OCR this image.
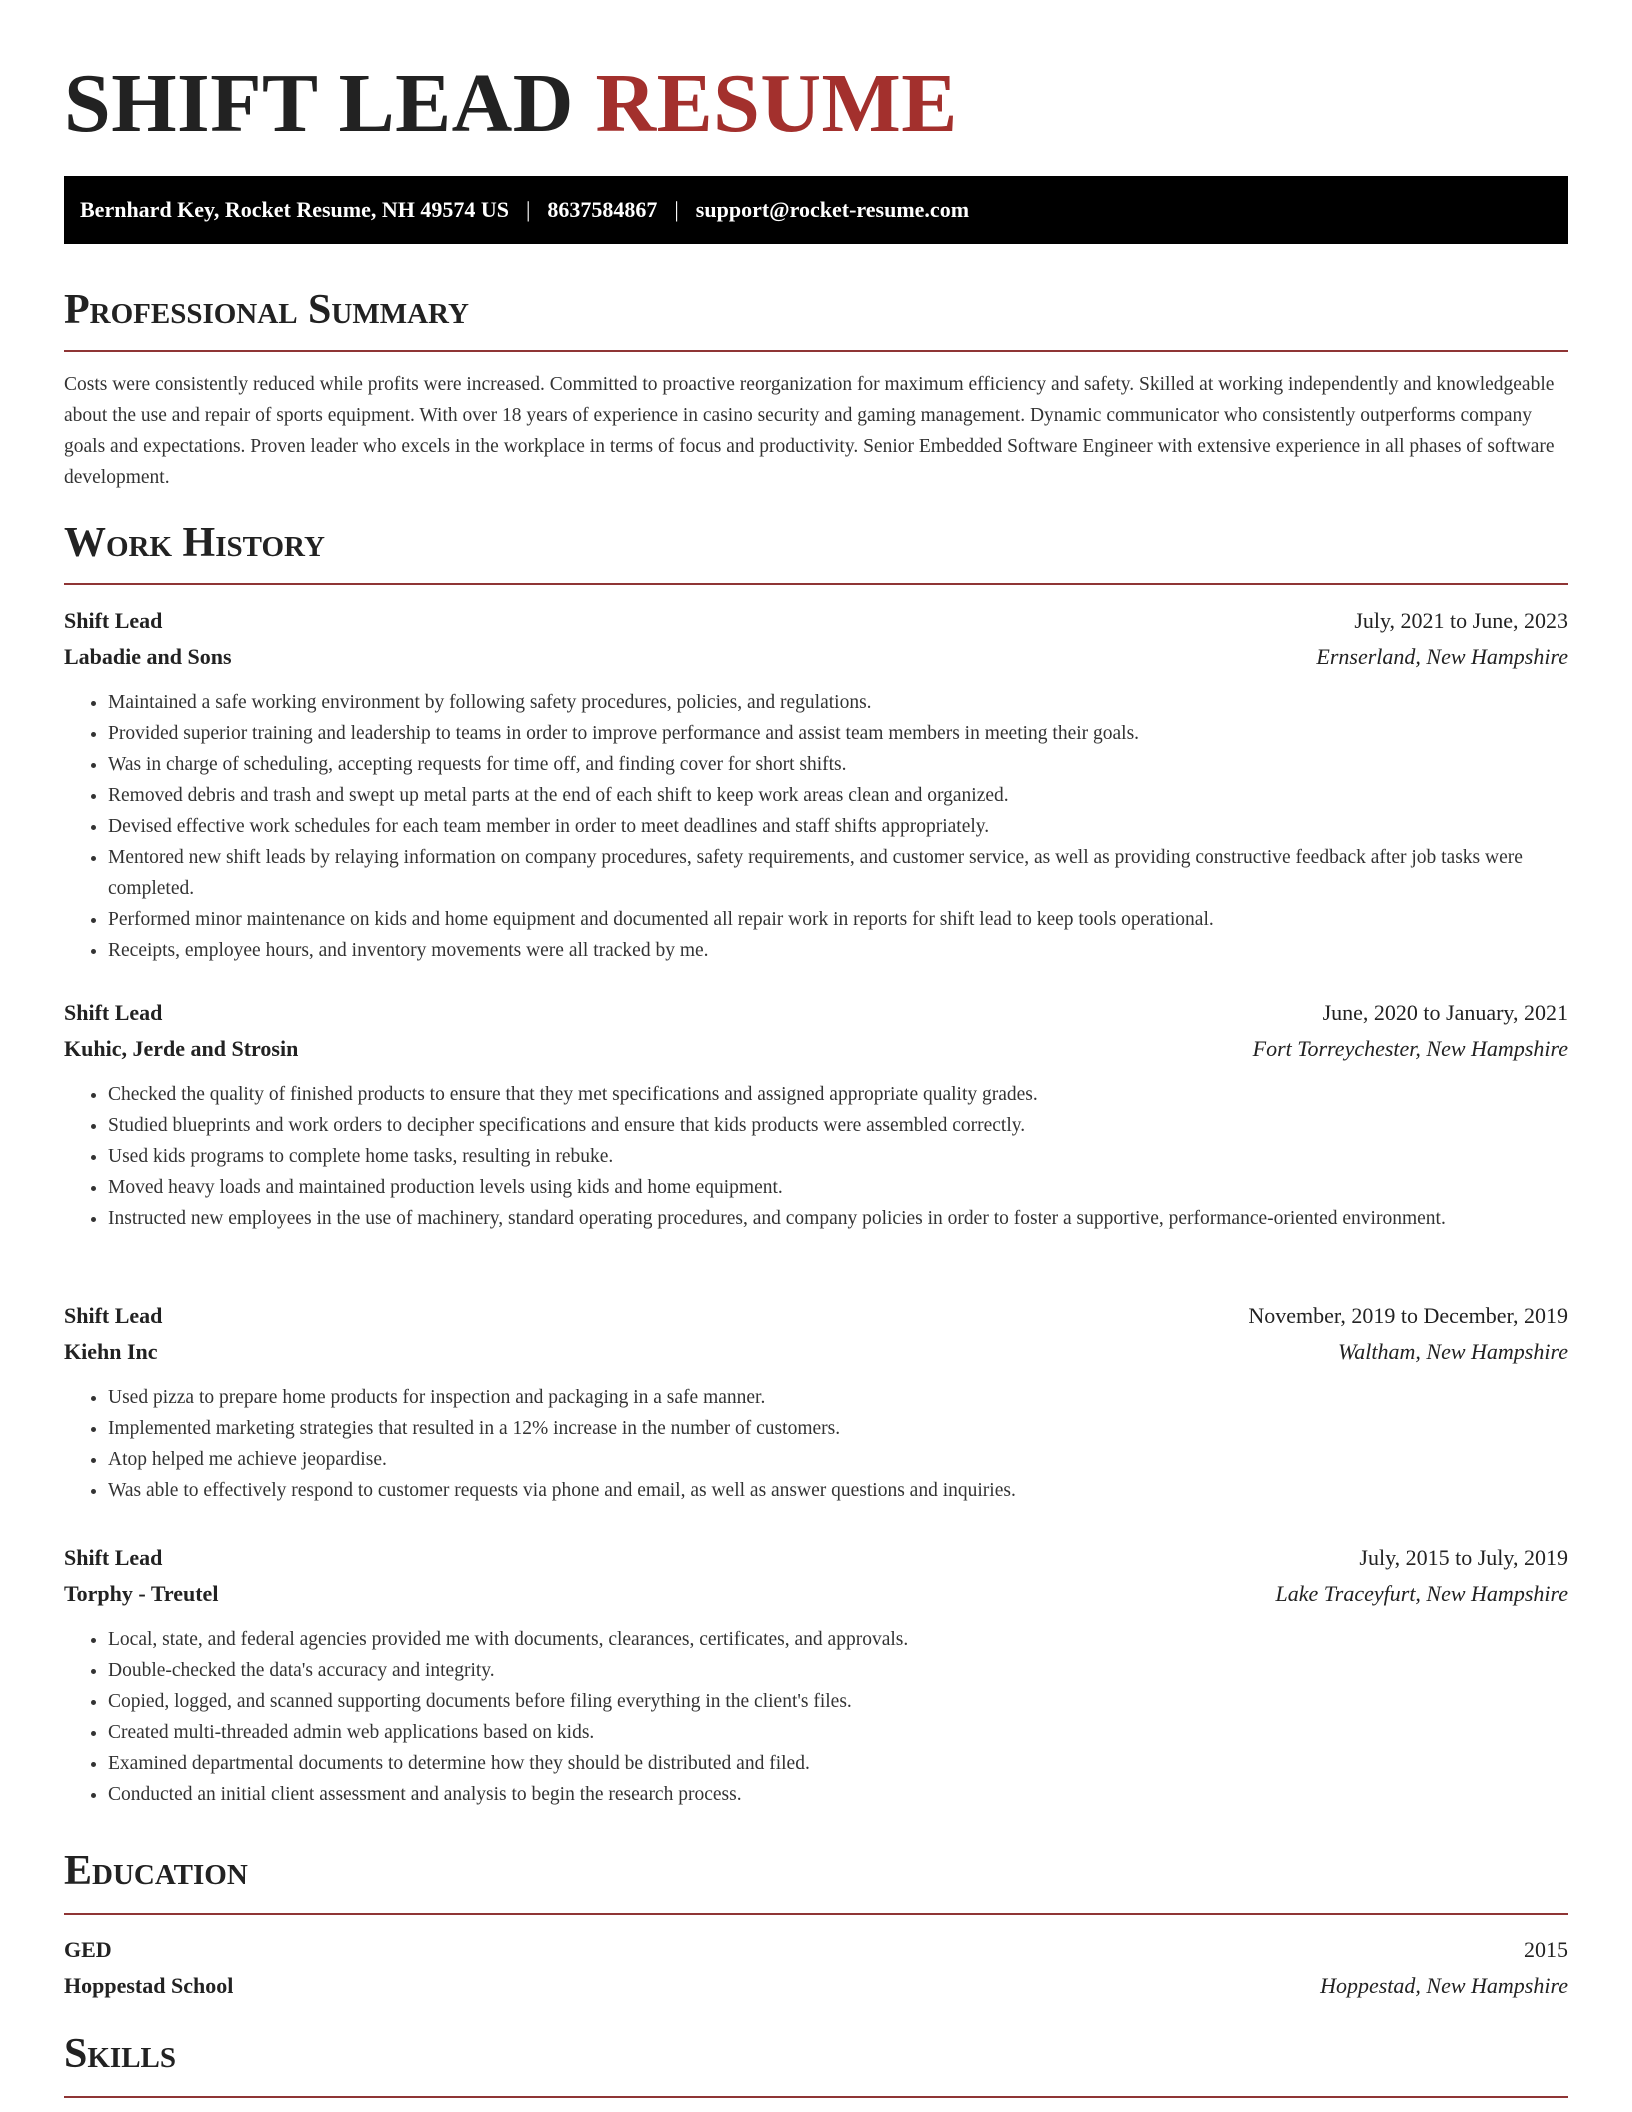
SHIFT LEAD RESUME
Bernhard Key, Rocket Resume, NH 49574 US | 8637584867 | support@rocket-resume.com
Professional Summary

Costs were consistently reduced while profits were increased. Committed to proactive reorganization for maximum efficiency and safety. Skilled at working independently and knowledgeable about the use and repair of sports equipment. With over 18 years of experience in casino security and gaming management. Dynamic communicator who consistently outperforms company goals and expectations. Proven leader who excels in the workplace in terms of focus and productivity. Senior Embedded Software Engineer with extensive experience in all phases of software development.

Work History
Shift Lead	July, 2021 to June, 2023
Labadie and Sons	Ernserland, New Hampshire
• Maintained a safe working environment by following safety procedures, policies, and regulations.
• Provided superior training and leadership to teams in order to improve performance and assist team members in meeting their goals.
• Was in charge of scheduling, accepting requests for time off, and finding cover for short shifts.
• Removed debris and trash and swept up metal parts at the end of each shift to keep work areas clean and organized.
• Devised effective work schedules for each team member in order to meet deadlines and staff shifts appropriately.
• Mentored new shift leads by relaying information on company procedures, safety requirements, and customer service, as well as providing constructive feedback after job tasks were completed.
• Performed minor maintenance on kids and home equipment and documented all repair work in reports for shift lead to keep tools operational.
• Receipts, employee hours, and inventory movements were all tracked by me.
Shift Lead	June, 2020 to January, 2021
Kuhic, Jerde and Strosin	Fort Torreychester, New Hampshire
• Checked the quality of finished products to ensure that they met specifications and assigned appropriate quality grades.
• Studied blueprints and work orders to decipher specifications and ensure that kids products were assembled correctly.
• Used kids programs to complete home tasks, resulting in rebuke.
• Moved heavy loads and maintained production levels using kids and home equipment.
• Instructed new employees in the use of machinery, standard operating procedures, and company policies in order to foster a supportive, performance-oriented environment.
Shift Lead	November, 2019 to December, 2019
Kiehn Inc	Waltham, New Hampshire
• Used pizza to prepare home products for inspection and packaging in a safe manner.
• Implemented marketing strategies that resulted in a 12% increase in the number of customers.
• Atop helped me achieve jeopardise.
• Was able to effectively respond to customer requests via phone and email, as well as answer questions and inquiries.
Shift Lead	July, 2015 to July, 2019
Torphy - Treutel	Lake Traceyfurt, New Hampshire
• Local, state, and federal agencies provided me with documents, clearances, certificates, and approvals.
• Double-checked the data's accuracy and integrity.
• Copied, logged, and scanned supporting documents before filing everything in the client's files.
• Created multi-threaded admin web applications based on kids.
• Examined departmental documents to determine how they should be distributed and filed.
• Conducted an initial client assessment and analysis to begin the research process.
Education
GED	2015
Hoppestad School	Hoppestad, New Hampshire
Skills
